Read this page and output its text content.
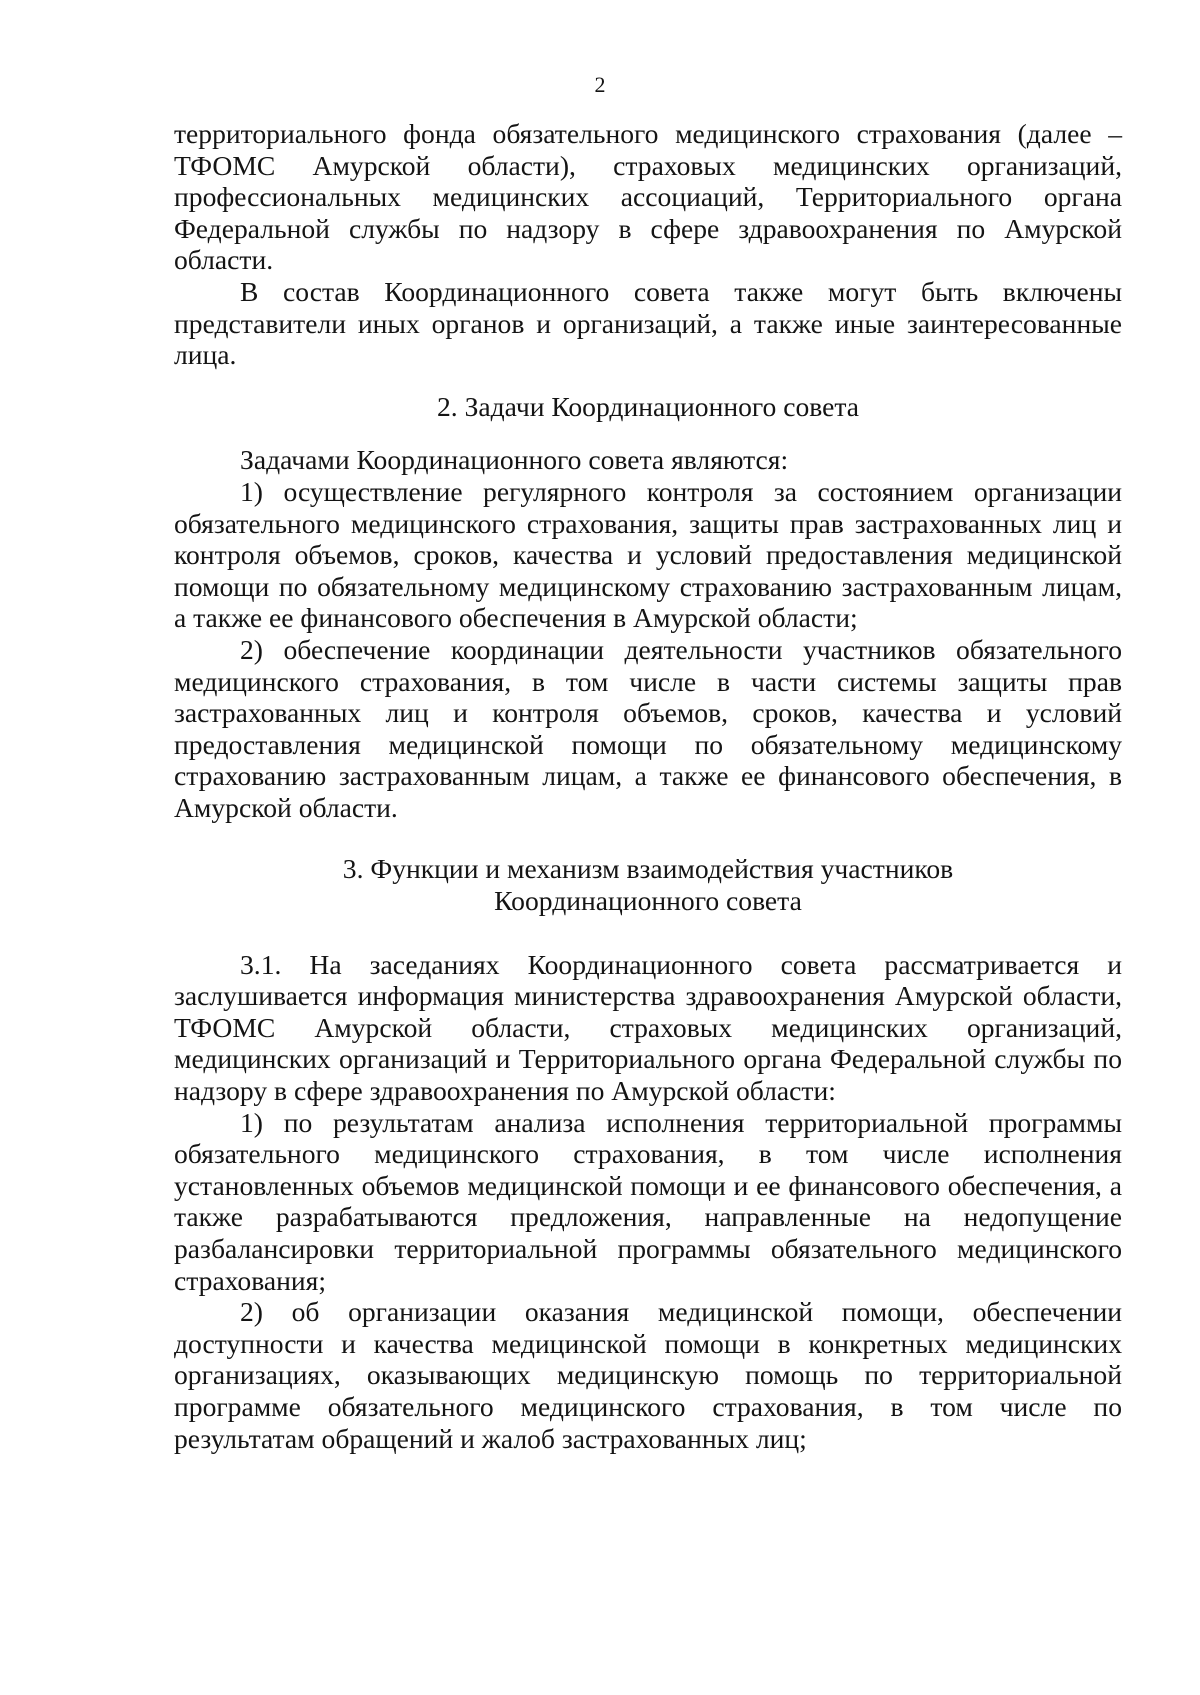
2

территориального фонда обязательного медицинского страхования (далее – ТФОМС Амурской области), страховых медицинских организаций, профессиональных медицинских ассоциаций, Территориального органа Федеральной службы по надзору в сфере здравоохранения по Амурской области.

В состав Координационного совета также могут быть включены представители иных органов и организаций, а также иные заинтересованные лица.

2. Задачи Координационного совета

Задачами Координационного совета являются:

1) осуществление регулярного контроля за состоянием организации обязательного медицинского страхования, защиты прав застрахованных лиц и контроля объемов, сроков, качества и условий предоставления медицинской помощи по обязательному медицинскому страхованию застрахованным лицам, а также ее финансового обеспечения в Амурской области;

2) обеспечение координации деятельности участников обязательного медицинского страхования, в том числе в части системы защиты прав застрахованных лиц и контроля объемов, сроков, качества и условий предоставления медицинской помощи по обязательному медицинскому страхованию застрахованным лицам, а также ее финансового обеспечения, в Амурской области.

3. Функции и механизм взаимодействия участников

Координационного совета

3.1. На заседаниях Координационного совета рассматривается и заслушивается информация министерства здравоохранения Амурской области, ТФОМС Амурской области, страховых медицинских организаций, медицинских организаций и Территориального органа Федеральной службы по надзору в сфере здравоохранения по Амурской области:

1) по результатам анализа исполнения территориальной программы обязательного медицинского страхования, в том числе исполнения установленных объемов медицинской помощи и ее финансового обеспечения, а также разрабатываются предложения, направленные на недопущение разбалансировки территориальной программы обязательного медицинского страхования;

2) об организации оказания медицинской помощи, обеспечении доступности и качества медицинской помощи в конкретных медицинских организациях, оказывающих медицинскую помощь по территориальной программе обязательного медицинского страхования, в том числе по результатам обращений и жалоб застрахованных лиц;
